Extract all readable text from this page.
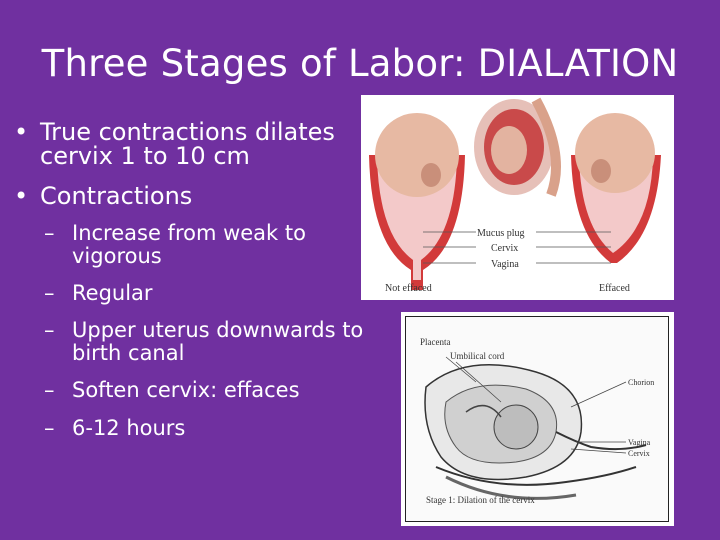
Three Stages of Labor: DIALATION
• True contractions dilates cervix 1 to 10 cm
• Contractions
– Increase from weak to vigorous
– Regular
– Upper uterus downwards to birth canal
– Soften cervix: effaces
– 6-12 hours
Mucus plug
Cervix
Vagina
Not effaced	Effaced
Placenta
Umbilical cord
Chorion
Vagina
Cervix
Stage 1: Dilation of the cervix
